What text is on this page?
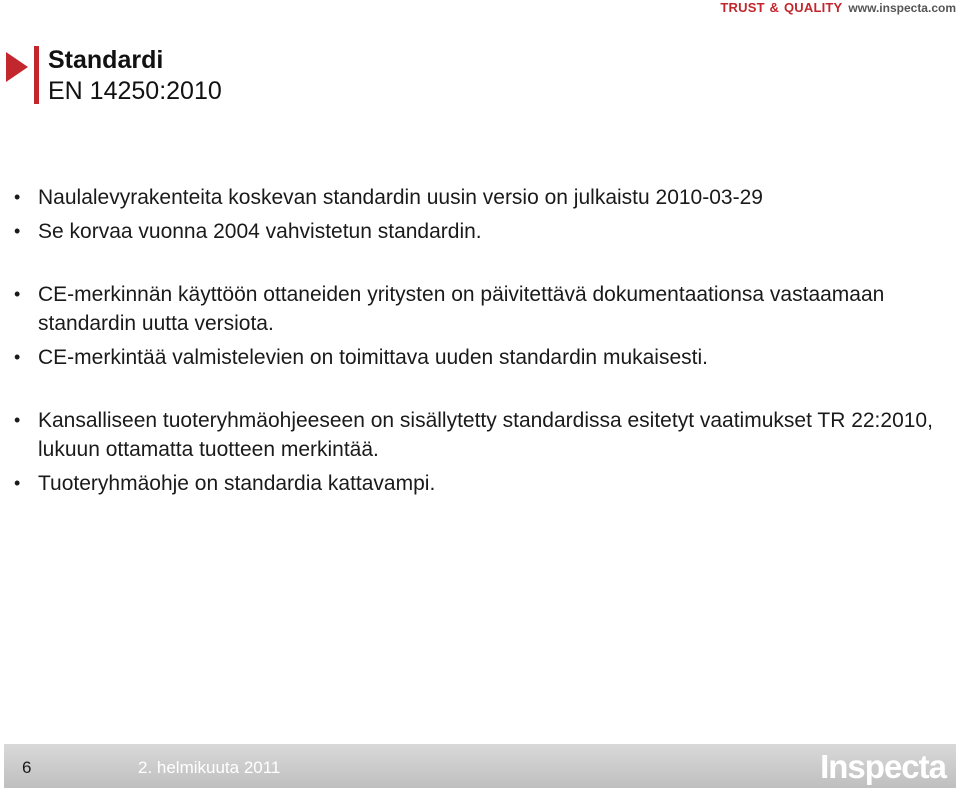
TRUST & QUALITY www.inspecta.com
Standardi
EN 14250:2010
• Naulalevyrakenteita koskevan standardin uusin versio on julkaistu 2010-03-29
• Se korvaa vuonna 2004 vahvistetun standardin.
• CE-merkinnän käyttöön ottaneiden yritysten on päivitettävä dokumentaationsa vastaamaan standardin uutta versiota.
• CE-merkintää valmistelevien on toimittava uuden standardin mukaisesti.
• Kansalliseen tuoteryhmäohjeeseen on sisällytetty standardissa esitetyt vaatimukset TR 22:2010, lukuun ottamatta tuotteen merkintää.
• Tuoteryhmäohje on standardia kattavampi.
6	2. helmikuuta 2011	Inspecta
